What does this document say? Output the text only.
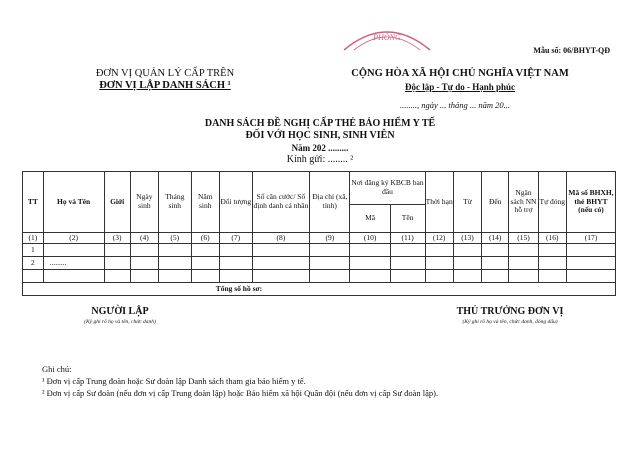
PHÒNG
Mẫu số: 06/BHYT-QĐ
ĐƠN VỊ QUẢN LÝ CẤP TRÊN
ĐƠN VỊ LẬP DANH SÁCH ¹
CỘNG HÒA XÃ HỘI CHỦ NGHĨA VIỆT NAM
Độc lập - Tự do - Hạnh phúc
........, ngày ... tháng ... năm 20...
DANH SÁCH ĐỀ NGHỊ CẤP THẺ BẢO HIỂM Y TẾ
ĐỐI VỚI HỌC SINH, SINH VIÊN
Năm 202 .........
Kính gửi: ........ ²
TT	Họ và Tên	Giới	Ngày sinh	Tháng sinh	Năm sinh	Đối tượng	Số căn cước/ Số định danh cá nhân	Địa chỉ (xã, tỉnh)	Nơi đăng ký KBCB ban đầu		Thời hạn	Từ	Đến	Ngân sách NN hỗ trợ	Tự đóng	Mã số BHXH, thẻ BHYT (nếu có)
									Mã	Tên						
(1)	(2)	(3)	(4)	(5)	(6)	(7)	(8)	(9)	(10)	(11)	(12)	(13)	(14)	(15)	(16)	(17)
1																
2	.........															

								Tổng số hồ sơ:								
NGƯỜI LẬP
(Ký ghi rõ họ và tên, chức danh)
THỦ TRƯỞNG ĐƠN VỊ
(Ký ghi rõ họ và tên, chức danh, đóng dấu)
Ghi chú:
¹ Đơn vị cấp Trung đoàn hoặc Sư đoàn lập Danh sách tham gia bảo hiểm y tế.
² Đơn vị cấp Sư đoàn (nếu đơn vị cấp Trung đoàn lập) hoặc Bảo hiểm xã hội Quân đội (nếu đơn vị cấp Sư đoàn lập).
